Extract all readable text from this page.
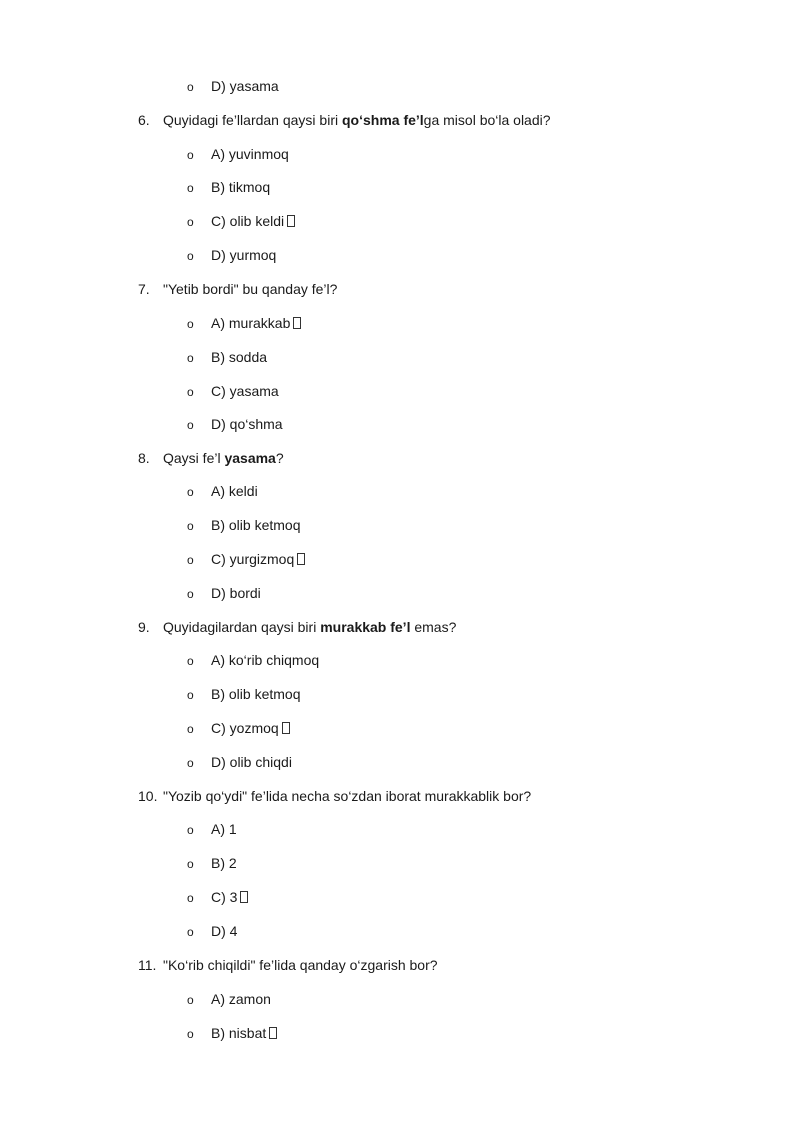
o D) yasama
6. Quyidagi fe’llardan qaysi biri qo‘shma fe’lga misol bo‘la oladi?
o A) yuvinmoq
o B) tikmoq
o C) olib keldi
o D) yurmoq
7. "Yetib bordi" bu qanday fe’l?
o A) murakkab
o B) sodda
o C) yasama
o D) qo‘shma
8. Qaysi fe’l yasama?
o A) keldi
o B) olib ketmoq
o C) yurgizmoq
o D) bordi
9. Quyidagilardan qaysi biri murakkab fe’l emas?
o A) ko‘rib chiqmoq
o B) olib ketmoq
o C) yozmoq
o D) olib chiqdi
10. "Yozib qo‘ydi" fe’lida necha so‘zdan iborat murakkablik bor?
o A) 1
o B) 2
o C) 3
o D) 4
11. "Ko‘rib chiqildi" fe’lida qanday o‘zgarish bor?
o A) zamon
o B) nisbat
